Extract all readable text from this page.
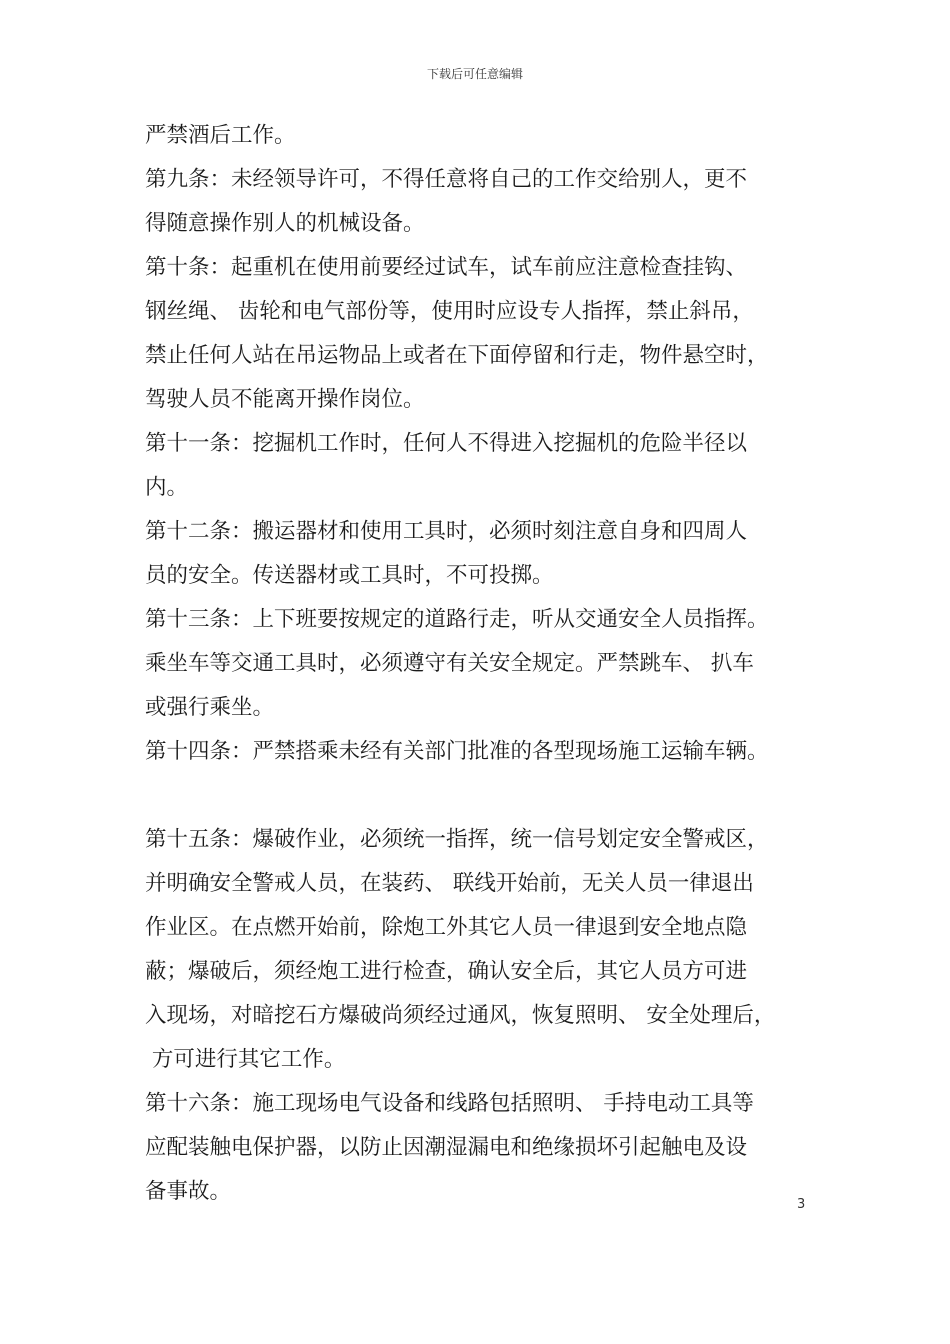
下载后可任意编辑
严禁酒后工作。
第九条：未经领导许可，不得任意将自己的工作交给别人，更不
得随意操作别人的机械设备。
第十条：起重机在使用前要经过试车，试车前应注意检查挂钩、
钢丝绳、 齿轮和电气部份等，使用时应设专人指挥，禁止斜吊，
禁止任何人站在吊运物品上或者在下面停留和行走，物件悬空时，
驾驶人员不能离开操作岗位。
第十一条：挖掘机工作时，任何人不得进入挖掘机的危险半径以
内。
第十二条：搬运器材和使用工具时，必须时刻注意自身和四周人
员的安全。传送器材或工具时，不可投掷。
第十三条：上下班要按规定的道路行走，听从交通安全人员指挥。
乘坐车等交通工具时，必须遵守有关安全规定。严禁跳车、 扒车
或强行乘坐。
第十四条：严禁搭乘未经有关部门批准的各型现场施工运输车辆。
第十五条：爆破作业，必须统一指挥，统一信号划定安全警戒区，
并明确安全警戒人员，在装药、 联线开始前，无关人员一律退出
作业区。在点燃开始前，除炮工外其它人员一律退到安全地点隐
蔽；爆破后，须经炮工进行检查，确认安全后，其它人员方可进
入现场，对暗挖石方爆破尚须经过通风，恢复照明、 安全处理后，
方可进行其它工作。
第十六条：施工现场电气设备和线路包括照明、 手持电动工具等
应配装触电保护器，以防止因潮湿漏电和绝缘损坏引起触电及设
备事故。
3
